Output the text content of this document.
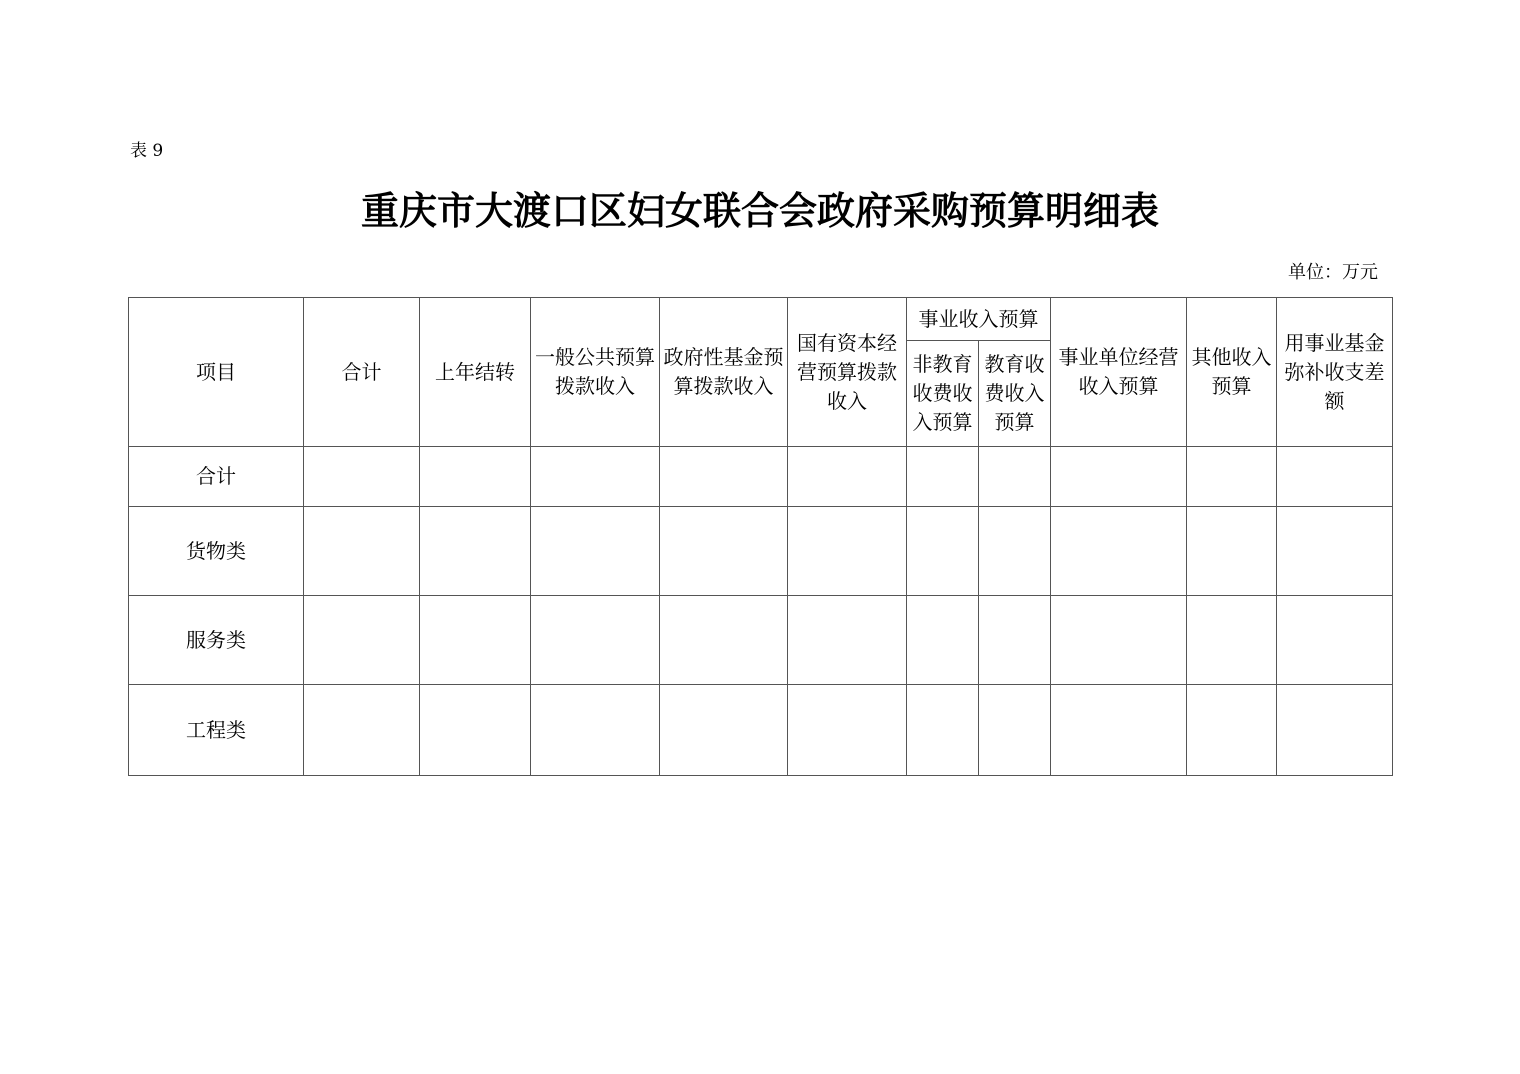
表 9
重庆市大渡口区妇女联合会政府采购预算明细表
单位：万元
项目	合计	上年结转	一般公共预算拨款收入	政府性基金预算拨款收入	国有资本经营预算拨款收入	事业收入预算		事业单位经营收入预算	其他收入预算	用事业基金弥补收支差额
						非教育收费收入预算	教育收费收入预算			
合计										
货物类										
服务类										
工程类										
